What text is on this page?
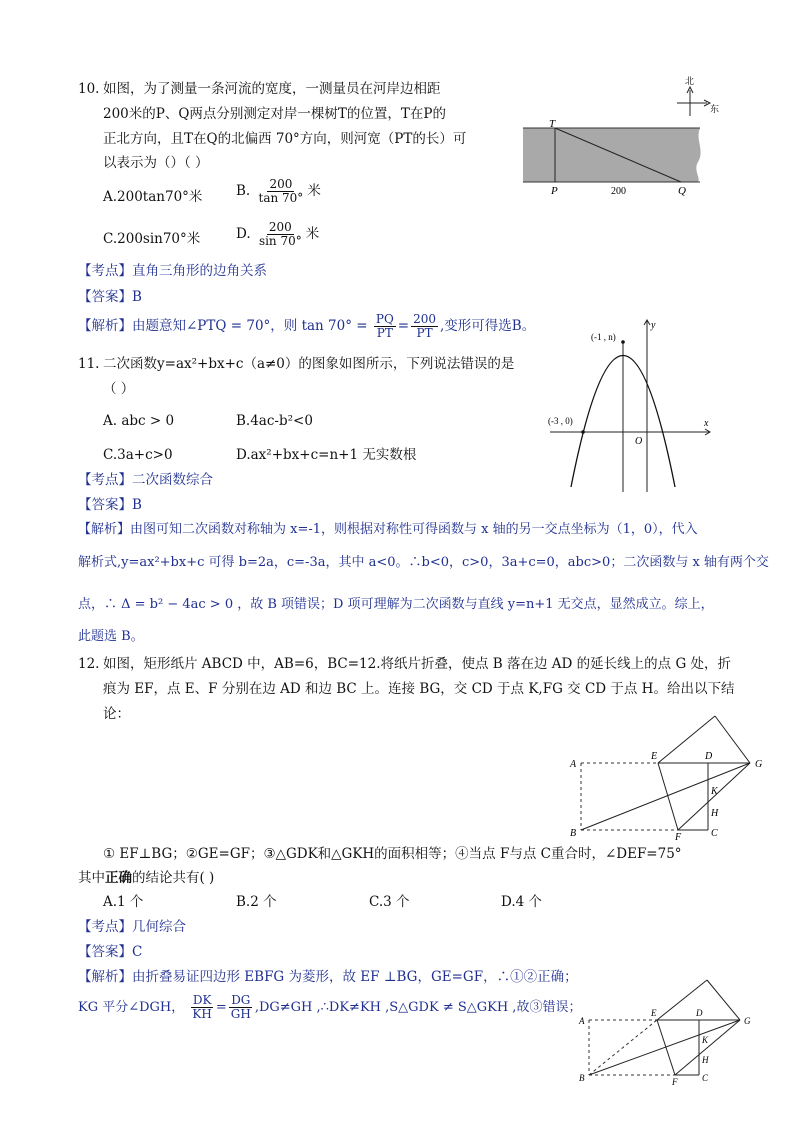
10. 如图，为了测量一条河流的宽度，一测量员在河岸边相距
200米的P、Q两点分别测定对岸一棵树T的位置，T在P的
正北方向，且T在Q的北偏西 70°方向，则河宽（PT的长）可
以表示为（）（ ）
A.200tan70°米 B. $\frac{200}{\tan 70^\circ}$ 米
C.200sin70°米	D. $\frac{200}{\sin 70^\circ}$ 米
【考点】直角三角形的边角关系
【答案】B
【解析】由题意知∠PTQ = 70°，则 $\tan 70^\circ = \frac{PQ}{PT} = \frac{200}{PT}$ ,变形可得选B。
北
东
T
P	Q
200
11. 二次函数y=ax²+bx+c（a≠0）的图象如图所示，下列说法错误的是
（ ）
A. abc > 0	B.4ac-b²<0
C.3a+c>0	D.ax²+bx+c=n+1 无实数根
【考点】二次函数综合
【答案】B
【解析】由图可知二次函数对称轴为 x=-1，则根据对称性可得函数与 x 轴的另一交点坐标为（1，0），代入
解析式,y=ax²+bx+c 可得 b=2a，c=-3a，其中 a<0。∴b<0，c>0，3a+c=0，abc>0；二次函数与 x 轴有两个交
点，∴ Δ = b² − 4ac > 0 ，故 B 项错误；D 项可理解为二次函数与直线 y=n+1 无交点，显然成立。综上，
此题选 B。
(-1 , n)
(-3 , 0)	x
y
O
12. 如图，矩形纸片 ABCD 中，AB=6，BC=12.将纸片折叠，使点 B 落在边 AD 的延长线上的点 G 处，折
痕为 EF，点 E、F 分别在边 AD 和边 BC 上。连接 BG，交 CD 于点 K,FG 交 CD 于点 H。给出以下结
论：
A
B	C
D
E
F
G
H
K
① EF⊥BG；②GE=GF；③△GDK和△GKH的面积相等；④当点 F与点 C重合时，∠DEF=75°
其中正确的结论共有( )
A.1 个	B.2 个	C.3 个	D.4 个
【考点】几何综合
【答案】C
【解析】由折叠易证四边形 EBFG 为菱形，故 EF ⊥BG，GE=GF，∴①②正确；
KG 平分∠DGH， $\frac{DK}{KH} = \frac{DG}{GH} ,DG\ne GH$ ,∴DK≠KH ,S△GDK ≠ S△GKH ,故③错误；
A
B	C
D
E
F
G
H
K
